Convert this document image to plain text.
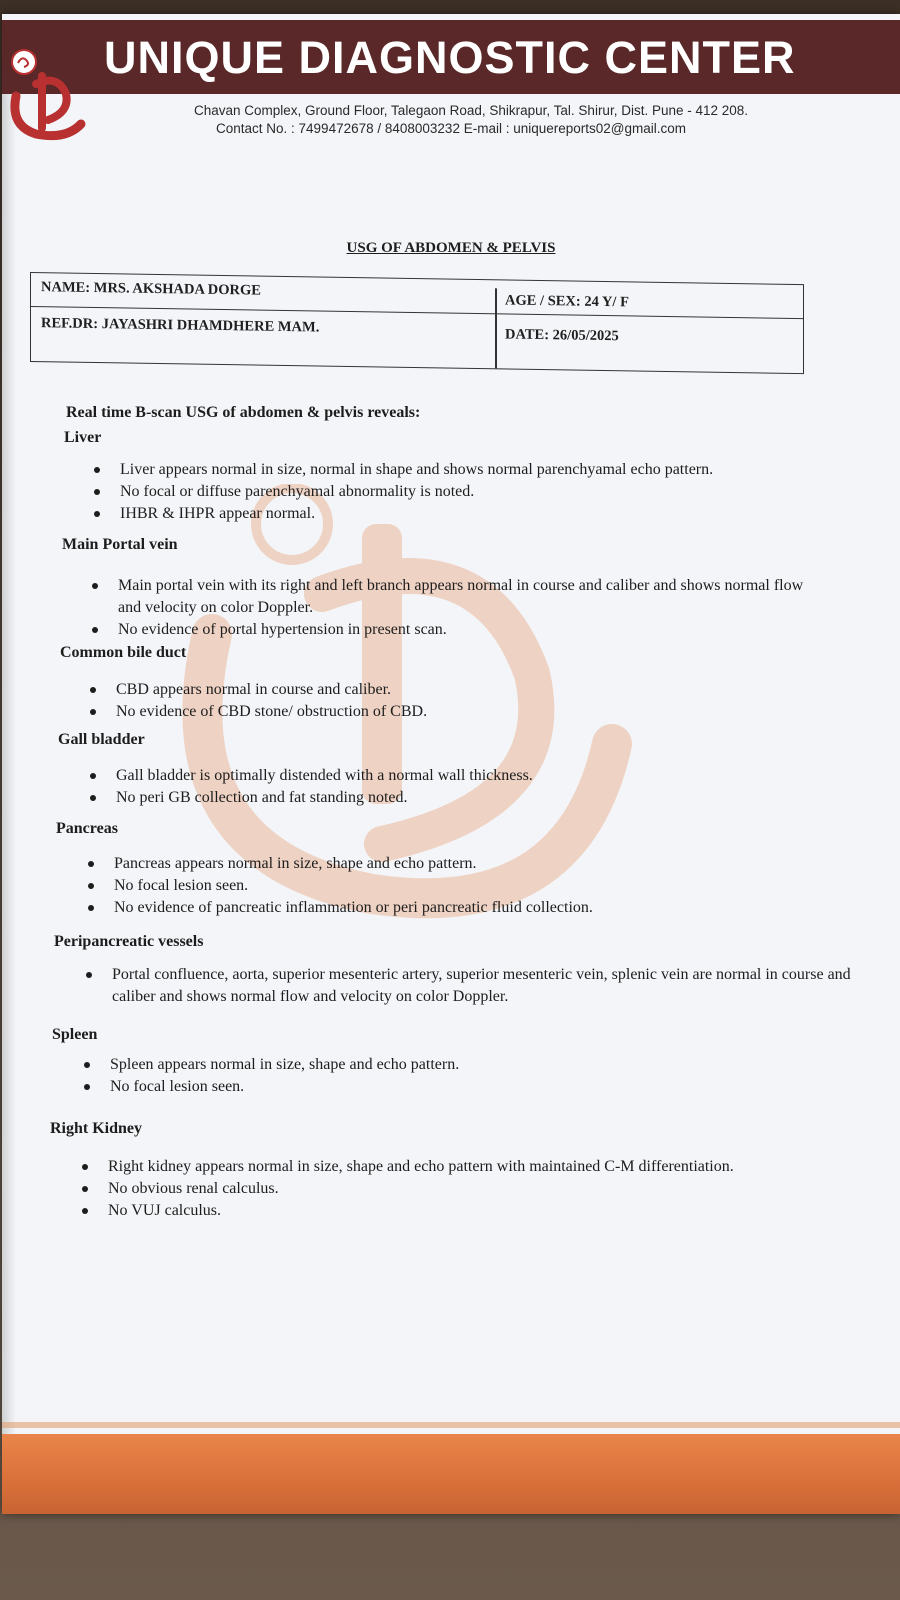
UNIQUE DIAGNOSTIC CENTER
Chavan Complex, Ground Floor, Talegaon Road, Shikrapur, Tal. Shirur, Dist. Pune - 412 208.
Contact No. : 7499472678 / 8408003232 E-mail : uniquereports02@gmail.com
USG OF ABDOMEN & PELVIS
NAME: MRS. AKSHADA DORGE
AGE / SEX: 24 Y/ F
REF.DR: JAYASHRI DHAMDHERE MAM.	DATE: 26/05/2025
Real time B-scan USG of abdomen & pelvis reveals:
Liver
Liver appears normal in size, normal in shape and shows normal parenchyamal echo pattern.
No focal or diffuse parenchyamal abnormality is noted.
IHBR & IHPR appear normal.
Main Portal vein
Main portal vein with its right and left branch appears normal in course and caliber and shows normal flow and velocity on color Doppler.
No evidence of portal hypertension in present scan.
Common bile duct
CBD appears normal in course and caliber.
No evidence of CBD stone/ obstruction of CBD.
Gall bladder
Gall bladder is optimally distended with a normal wall thickness.
No peri GB collection and fat standing noted.
Pancreas
Pancreas appears normal in size, shape and echo pattern.
No focal lesion seen.
No evidence of pancreatic inflammation or peri pancreatic fluid collection.
Peripancreatic vessels
Portal confluence, aorta, superior mesenteric artery, superior mesenteric vein, splenic vein are normal in course and caliber and shows normal flow and velocity on color Doppler.
Spleen
Spleen appears normal in size, shape and echo pattern.
No focal lesion seen.
Right Kidney
Right kidney appears normal in size, shape and echo pattern with maintained C-M differentiation.
No obvious renal calculus.
No VUJ calculus.
